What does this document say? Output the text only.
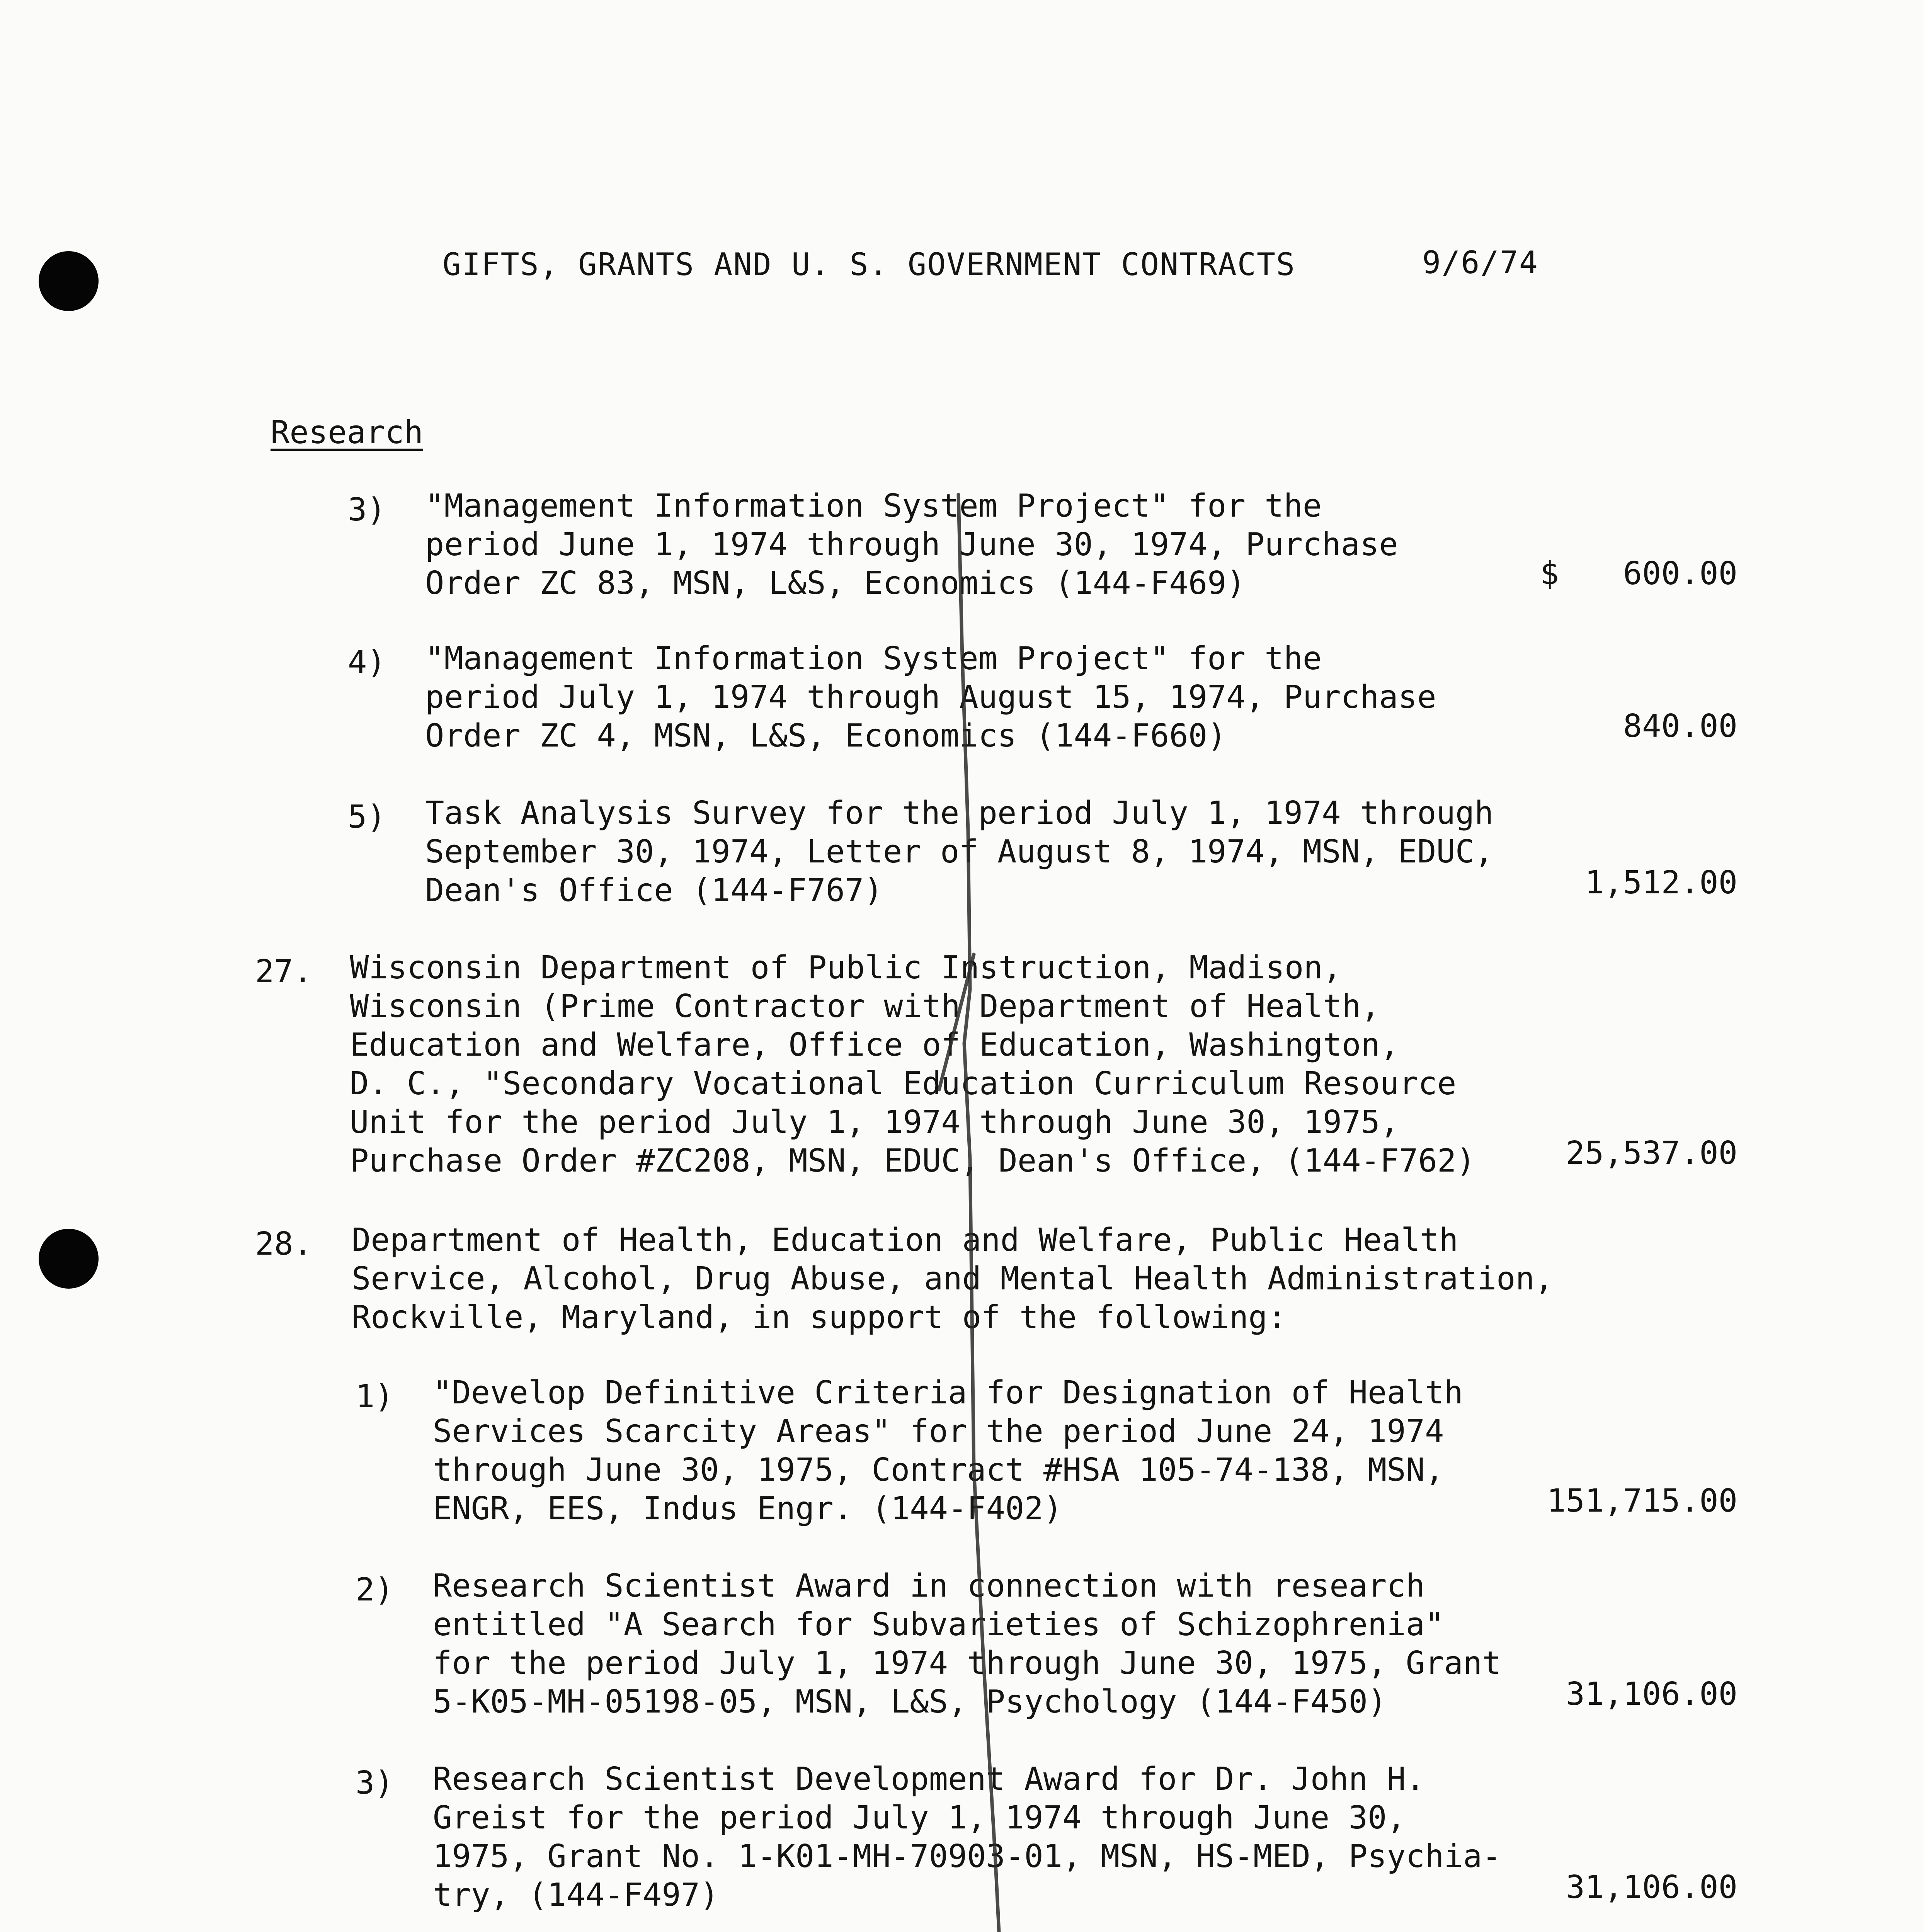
GIFTS, GRANTS AND U. S. GOVERNMENT CONTRACTS	9/6/74
Research
3) "Management Information System Project" for the
period June 1, 1974 through June 30, 1974, Purchase
Order ZC 83, MSN, L&S, Economics (144-F469)	$ 600.00
4) "Management Information System Project" for the
period July 1, 1974 through August 15, 1974, Purchase
Order ZC 4, MSN, L&S, Economics (144-F660)	840.00
5) Task Analysis Survey for the period July 1, 1974 through
September 30, 1974, Letter of August 8, 1974, MSN, EDUC,
Dean's Office (144-F767)	1,512.00
27. Wisconsin Department of Public Instruction, Madison,
Wisconsin (Prime Contractor with Department of Health,
Education and Welfare, Office of Education, Washington,
D. C., "Secondary Vocational Education Curriculum Resource
Unit for the period July 1, 1974 through June 30, 1975,
Purchase Order #ZC208, MSN, EDUC, Dean's Office, (144-F762)	25,537.00
28. Department of Health, Education and Welfare, Public Health
Service, Alcohol, Drug Abuse, and Mental Health Administration,
Rockville, Maryland, in support of the following:
1) "Develop Definitive Criteria for Designation of Health
Services Scarcity Areas" for the period June 24, 1974
through June 30, 1975, Contract #HSA 105-74-138, MSN,
ENGR, EES, Indus Engr. (144-F402)	151,715.00
2) Research Scientist Award in connection with research
entitled "A Search for Subvarieties of Schizophrenia"
for the period July 1, 1974 through June 30, 1975, Grant
5-K05-MH-05198-05, MSN, L&S, Psychology (144-F450)	31,106.00
3) Research Scientist Development Award for Dr. John H.
Greist for the period July 1, 1974 through June 30,
1975, Grant No. 1-K01-MH-70903-01, MSN, HS-MED, Psychia-
try, (144-F497)	31,106.00
